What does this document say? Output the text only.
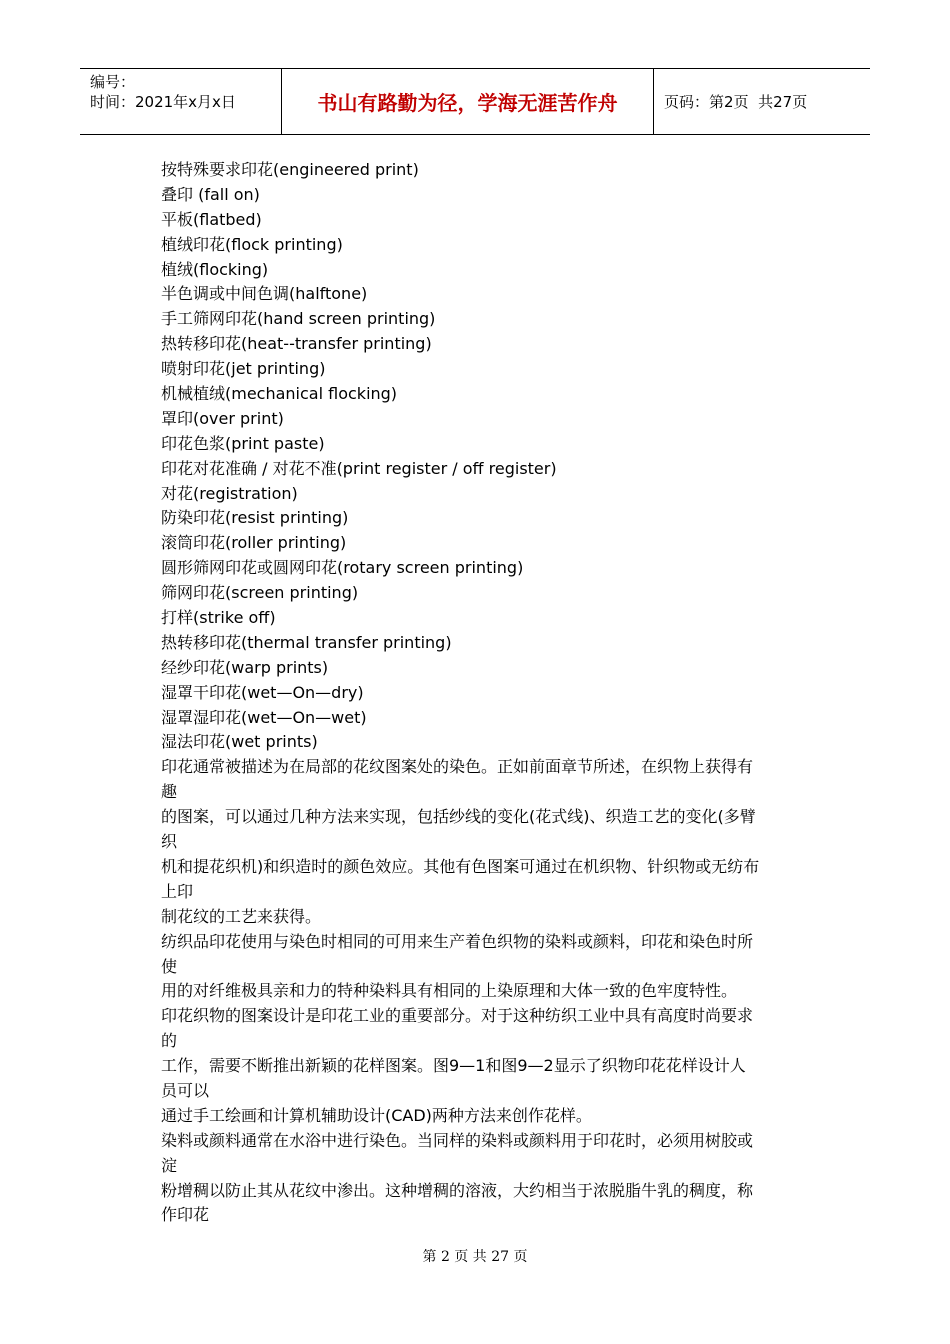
编号：
时间：2021年x月x日	书山有路勤为径，学海无涯苦作舟	页码：第 2 页  共 27 页
按特殊要求印花(engineered print)
叠印 (fall on)
平板(flatbed)
植绒印花(flock printing)
植绒(flocking)
半色调或中间色调(halftone)
手工筛网印花(hand screen printing)
热转移印花(heat--transfer printing)
喷射印花(jet printing)
机械植绒(mechanical flocking)
罩印(over print)
印花色浆(print paste)
印花对花准确 / 对花不准(print register / off register)
对花(registration)
防染印花(resist printing)
滚筒印花(roller printing)
圆形筛网印花或圆网印花(rotary screen printing)
筛网印花(screen printing)
打样(strike off)
热转移印花(thermal transfer printing)
经纱印花(warp prints)
湿罩干印花(wet—On—dry)
湿罩湿印花(wet—On—wet)
湿法印花(wet prints)
印花通常被描述为在局部的花纹图案处的染色。正如前面章节所述，在织物上获得有
趣
的图案，可以通过几种方法来实现，包括纱线的变化(花式线)、织造工艺的变化(多臂
织
机和提花织机)和织造时的颜色效应。其他有色图案可通过在机织物、针织物或无纺布
上印
制花纹的工艺来获得。
纺织品印花使用与染色时相同的可用来生产着色织物的染料或颜料，印花和染色时所
使
用的对纤维极具亲和力的特种染料具有相同的上染原理和大体一致的色牢度特性。
印花织物的图案设计是印花工业的重要部分。对于这种纺织工业中具有高度时尚要求
的
工作，需要不断推出新颖的花样图案。图9—1和图9—2显示了织物印花花样设计人
员可以
通过手工绘画和计算机辅助设计(CAD)两种方法来创作花样。
染料或颜料通常在水浴中进行染色。当同样的染料或颜料用于印花时，必须用树胶或
淀
粉增稠以防止其从花纹中渗出。这种增稠的溶液，大约相当于浓脱脂牛乳的稠度，称
作印花
第 2 页 共 27 页
